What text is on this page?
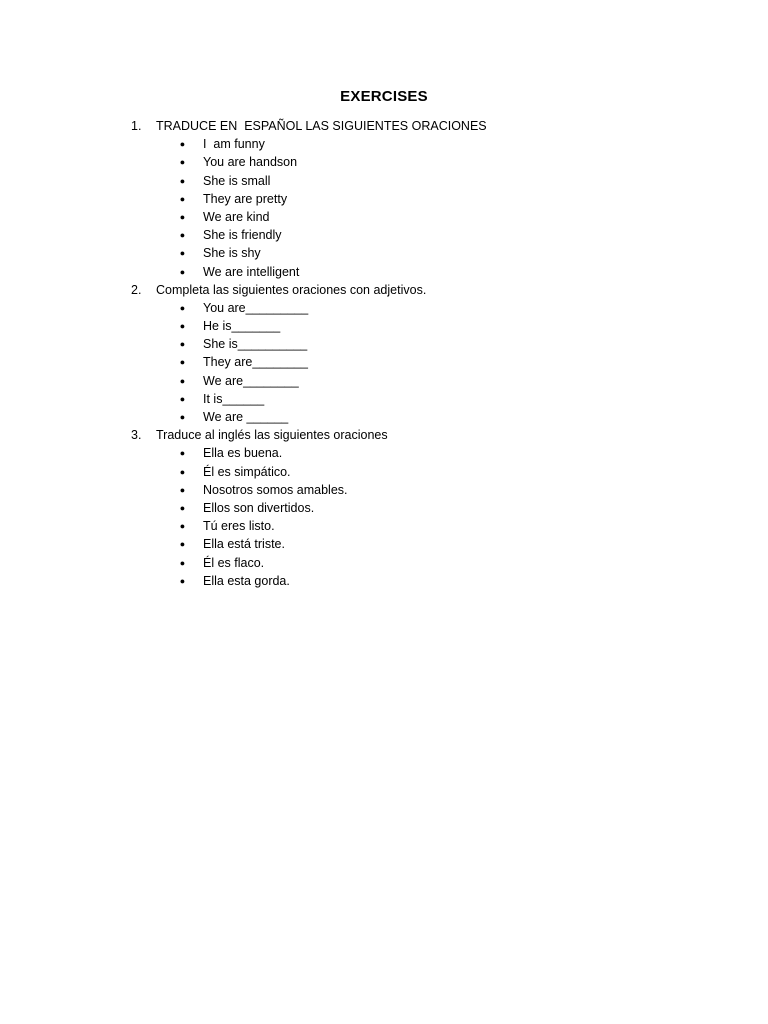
EXERCISES
1.	TRADUCE EN  ESPAÑOL LAS SIGUIENTES ORACIONES
● I  am funny
● You are handson
● She is small
● They are pretty
● We are kind
● She is friendly
● She is shy
● We are intelligent
2.	Completa las siguientes oraciones con adjetivos.
● You are_________
● He is_______
● She is__________
● They are________
● We are________
● It is______
● We are ______
3.	Traduce al inglés las siguientes oraciones
● Ella es buena.
● Él es simpático.
● Nosotros somos amables.
● Ellos son divertidos.
● Tú eres listo.
● Ella está triste.
● Él es flaco.
● Ella esta gorda.
